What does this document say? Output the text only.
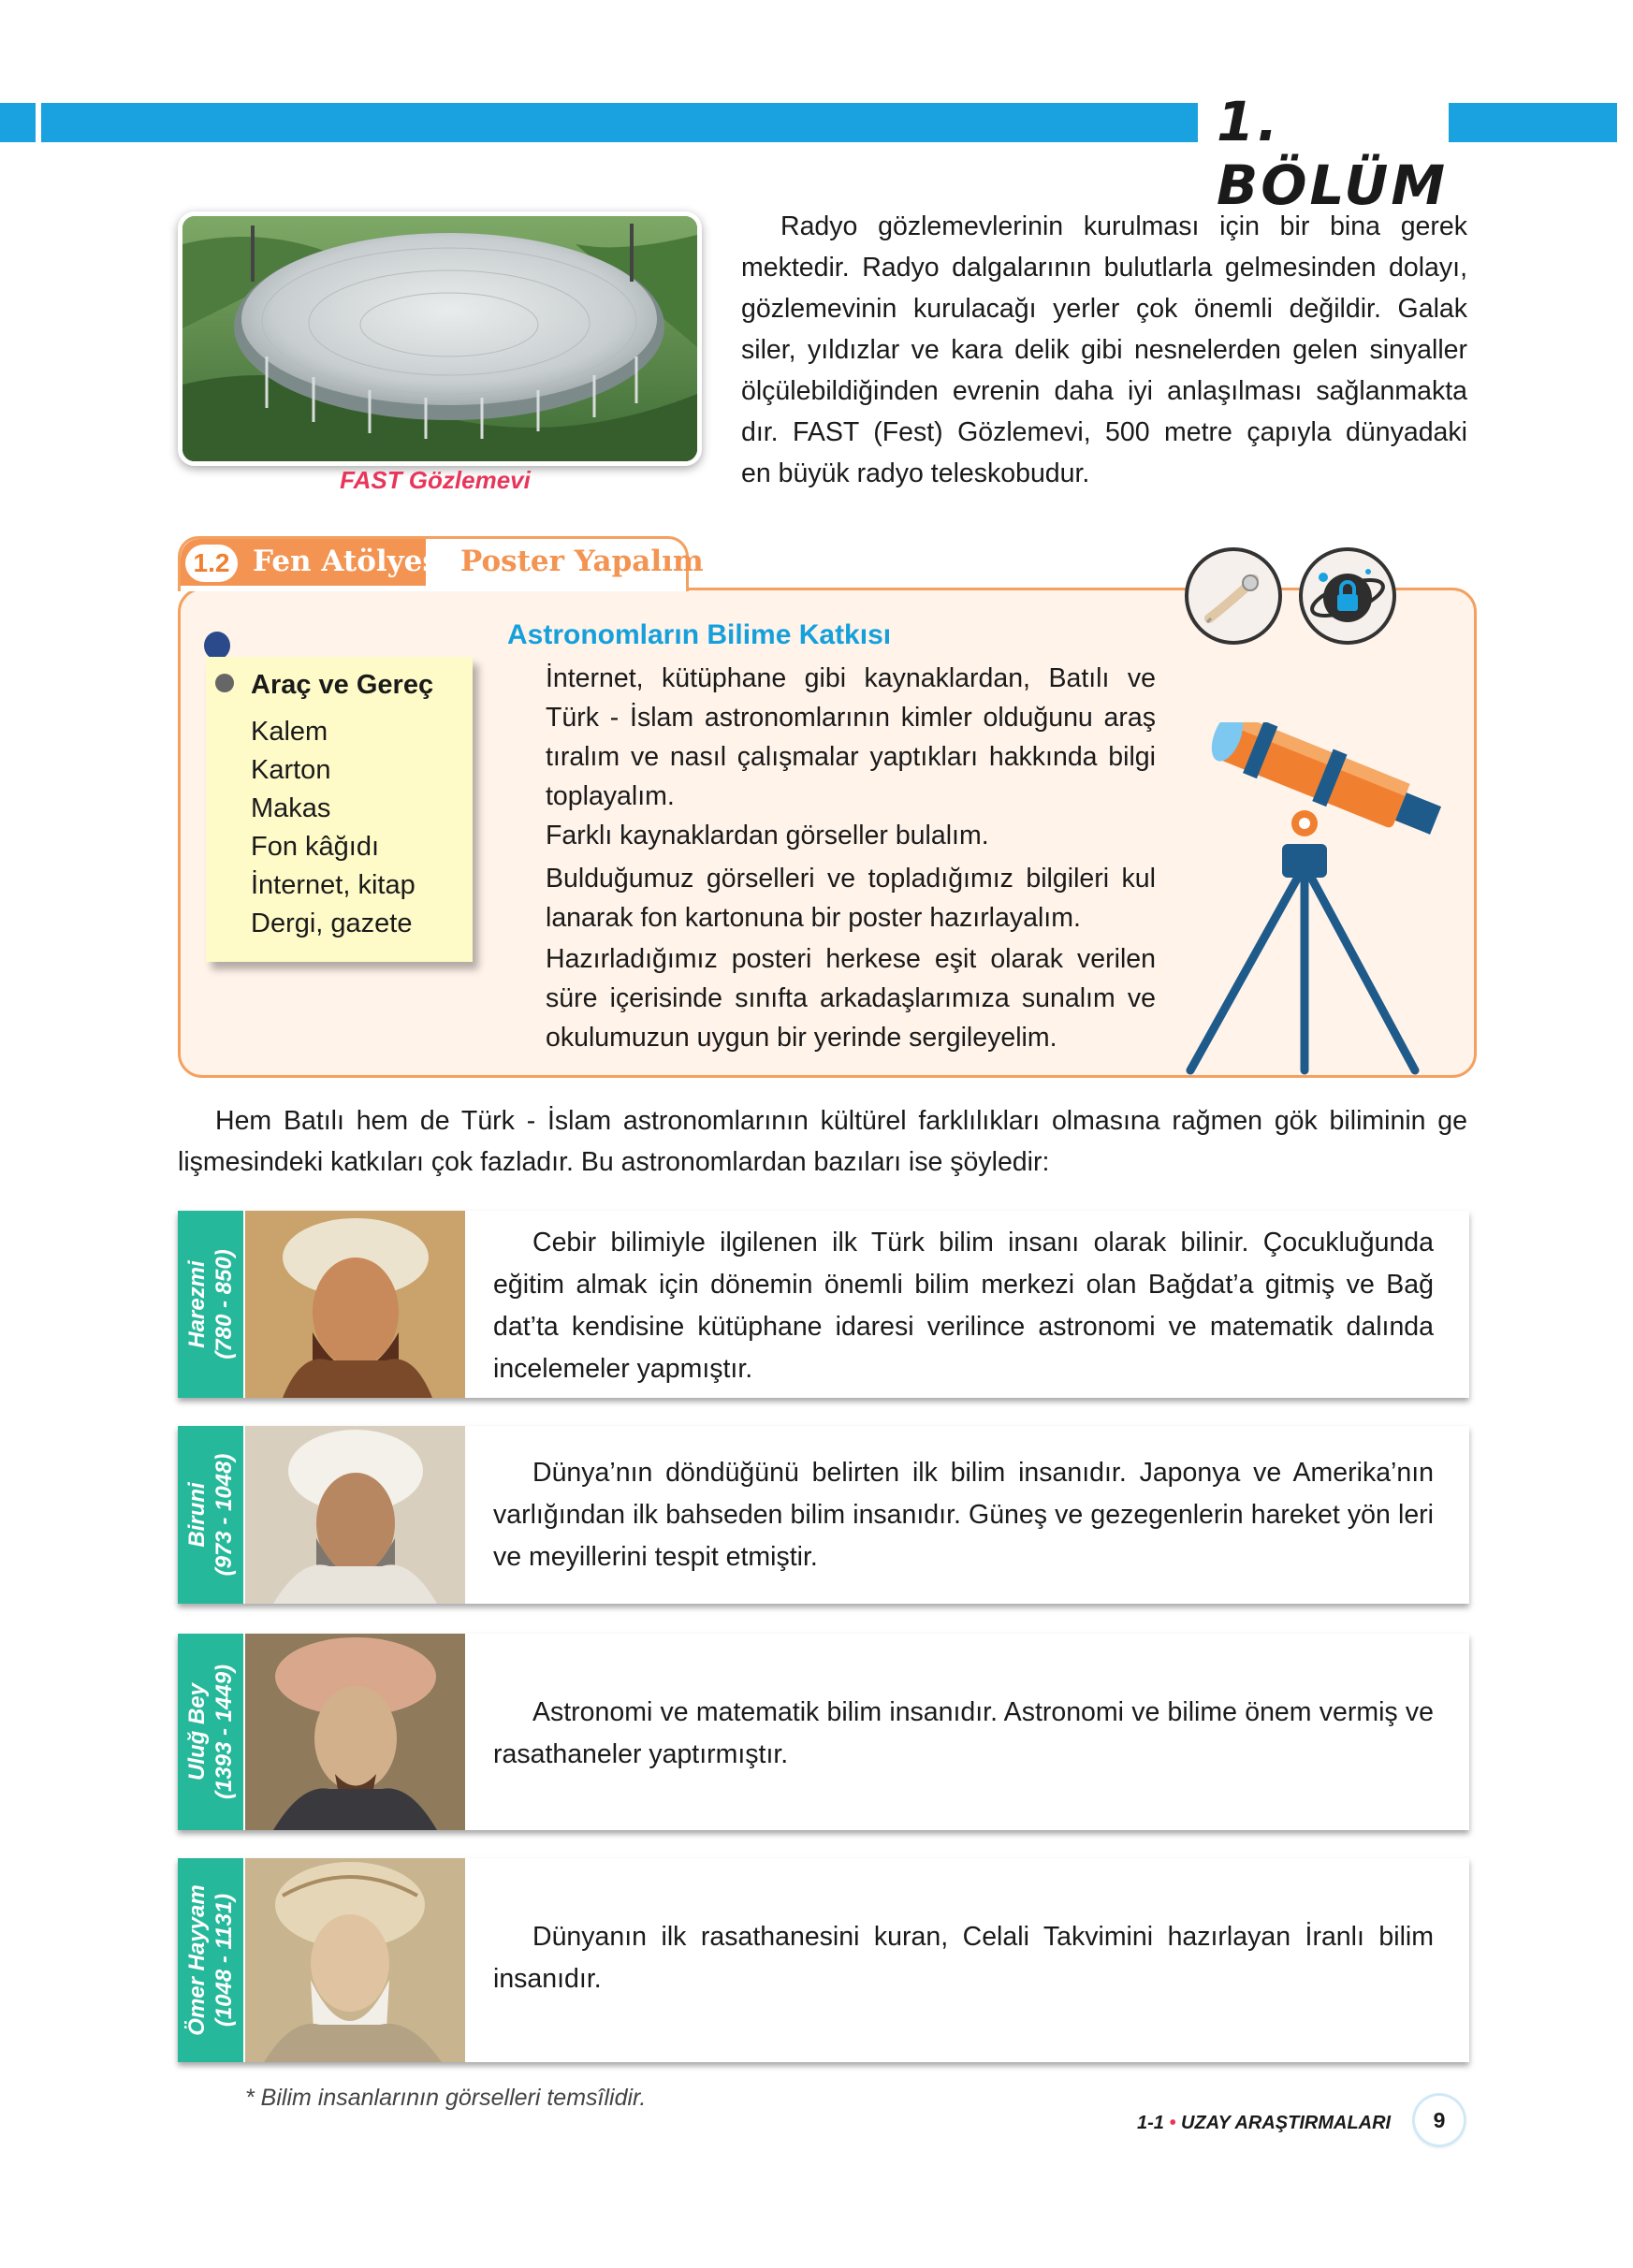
1. BÖLÜM
FAST Gözlemevi
Radyo gözlemevlerinin kurulması için bir bina gerek
mektedir. Radyo dalgalarının bulutlarla gelmesinden dolayı,
gözlemevinin kurulacağı yerler çok önemli değildir. Galak
siler, yıldızlar ve kara delik gibi nesnelerden gelen sinyaller
ölçülebildiğinden evrenin daha iyi anlaşılması sağlanmakta
dır. FAST (Fest) Gözlemevi, 500 metre çapıyla dünyadaki
en büyük radyo teleskobudur.
1.2 Fen Atölyesi Poster Yapalım
Araç ve Gereç
Kalem
Karton
Makas
Fon kâğıdı
İnternet, kitap
Dergi, gazete
Astronomların Bilime Katkısı
İnternet, kütüphane gibi kaynaklardan, Batılı ve Türk - İslam astronomlarının kimler olduğunu araş tıralım ve nasıl çalışmalar yaptıkları hakkında bilgi toplayalım.
Farklı kaynaklardan görseller bulalım.
Bulduğumuz görselleri ve topladığımız bilgileri kul lanarak fon kartonuna bir poster hazırlayalım.
Hazırladığımız posteri herkese eşit olarak verilen süre içerisinde sınıfta arkadaşlarımıza sunalım ve okulumuzun uygun bir yerinde sergileyelim.
Hem Batılı hem de Türk - İslam astronomlarının kültürel farklılıkları olmasına rağmen gök biliminin ge lişmesindeki katkıları çok fazladır. Bu astronomlardan bazıları ise şöyledir:
Harezmi (780 - 850)
Cebir bilimiyle ilgilenen ilk Türk bilim insanı olarak bilinir. Çocukluğunda eğitim almak için dönemin önemli bilim merkezi olan Bağdat’a gitmiş ve Bağ dat’ta kendisine kütüphane idaresi verilince astronomi ve matematik dalında incelemeler yapmıştır.
Biruni (973 - 1048)	Dünya’nın döndüğünü belirten ilk bilim insanıdır. Japonya ve Amerika’nın varlığından ilk bahseden bilim insanıdır. Güneş ve gezegenlerin hareket yön leri ve meyillerini tespit etmiştir.
Uluğ Bey (1393 - 1449)	Astronomi ve matematik bilim insanıdır. Astronomi ve bilime önem vermiş ve rasathaneler yaptırmıştır.
Ömer Hayyam (1048 - 1131)	Dünyanın ilk rasathanesini kuran, Celali Takvimini hazırlayan İranlı bilim insanıdır.
* Bilim insanlarının görselleri temsîlidir.
1-1 • UZAY ARAŞTIRMALARI	9
